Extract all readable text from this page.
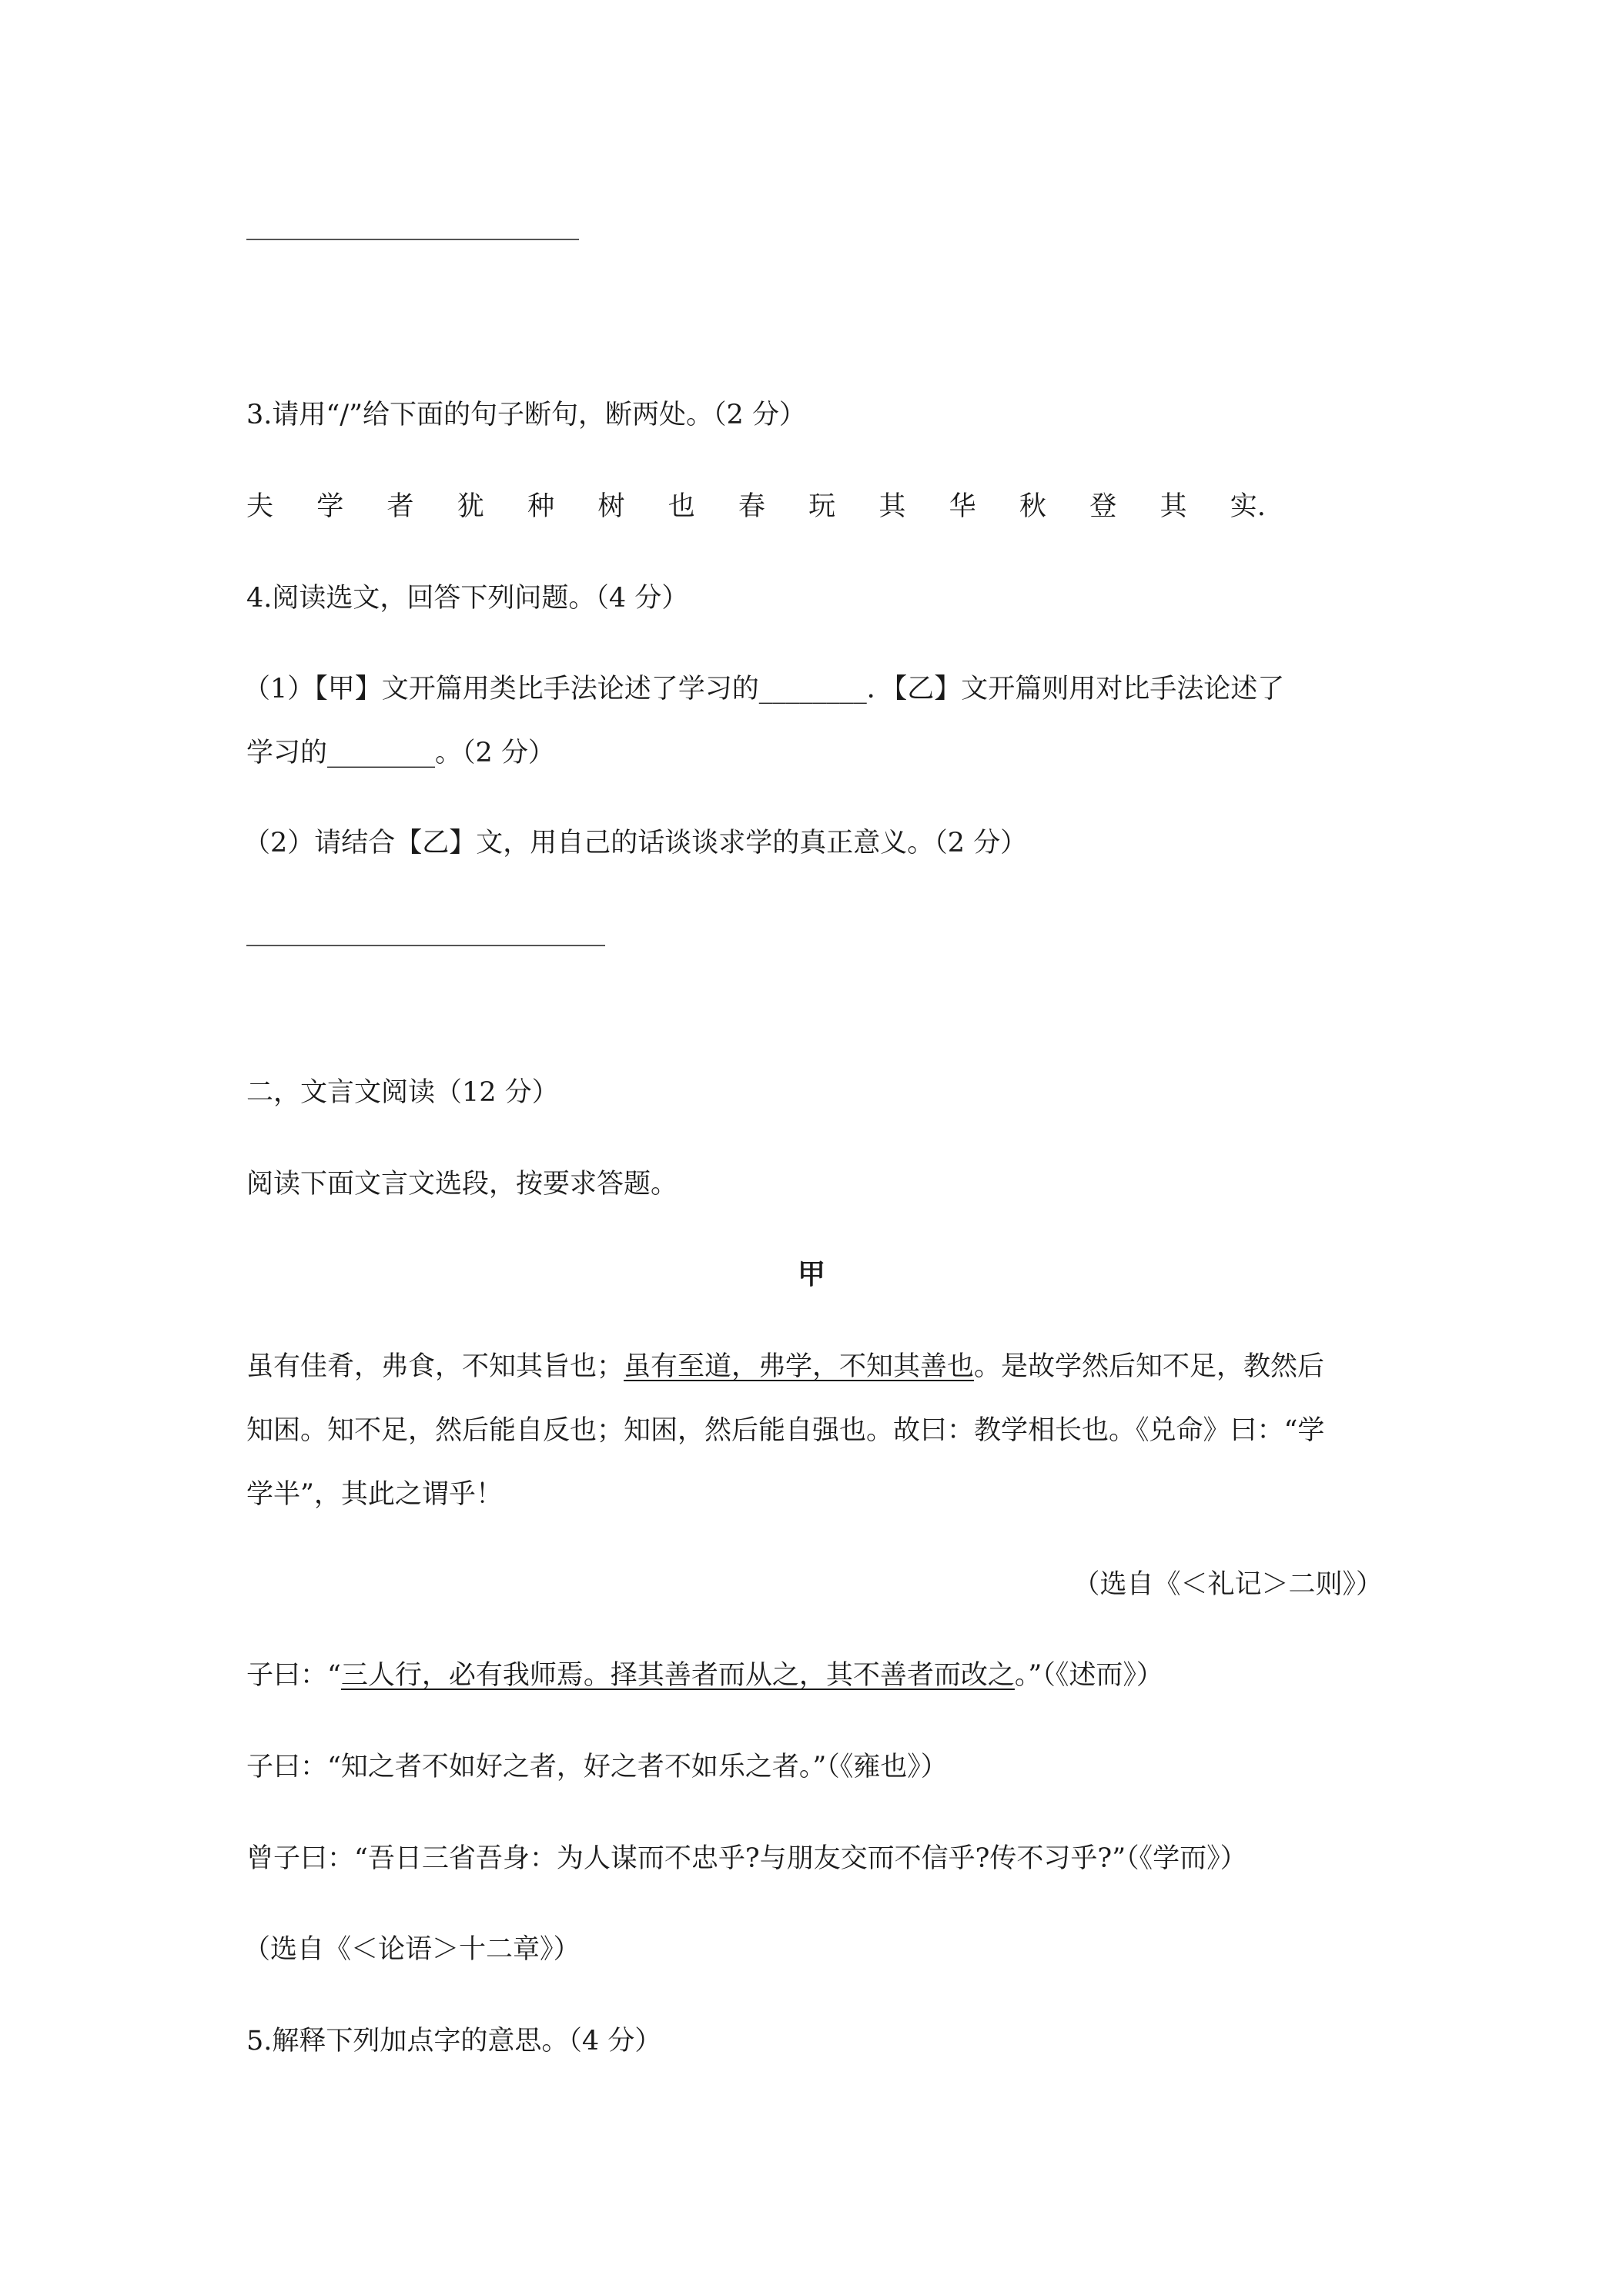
3.请用“/”给下面的句子断句，断两处。（2 分）
夫 学 者 犹 种 树 也 春 玩 其 华 秋 登 其 实.
4.阅读选文，回答下列问题。（4 分）
（1）【甲】文开篇用类比手法论述了学习的________．【乙】文开篇则用对比手法论述了
学习的________。（2 分）
（2）请结合【乙】文，用自己的话谈谈求学的真正意义。（2 分）
二，文言文阅读（12 分）
阅读下面文言文选段，按要求答题。
甲
虽有佳肴，弗食，不知其旨也；虽有至道，弗学，不知其善也。是故学然后知不足，教然后
知困。知不足，然后能自反也；知困，然后能自强也。故曰：教学相长也。《兑命》曰：“学
学半”，其此之谓乎！
（选自《＜礼记＞二则》）
子曰：“三人行，必有我师焉。择其善者而从之，其不善者而改之。”（《述而》）
子曰：“知之者不如好之者，好之者不如乐之者。”（《雍也》）
曾子曰：“吾日三省吾身：为人谋而不忠乎?与朋友交而不信乎?传不习乎?”（《学而》）
（选自《＜论语＞十二章》）
5.解释下列加点字的意思。（4 分）
